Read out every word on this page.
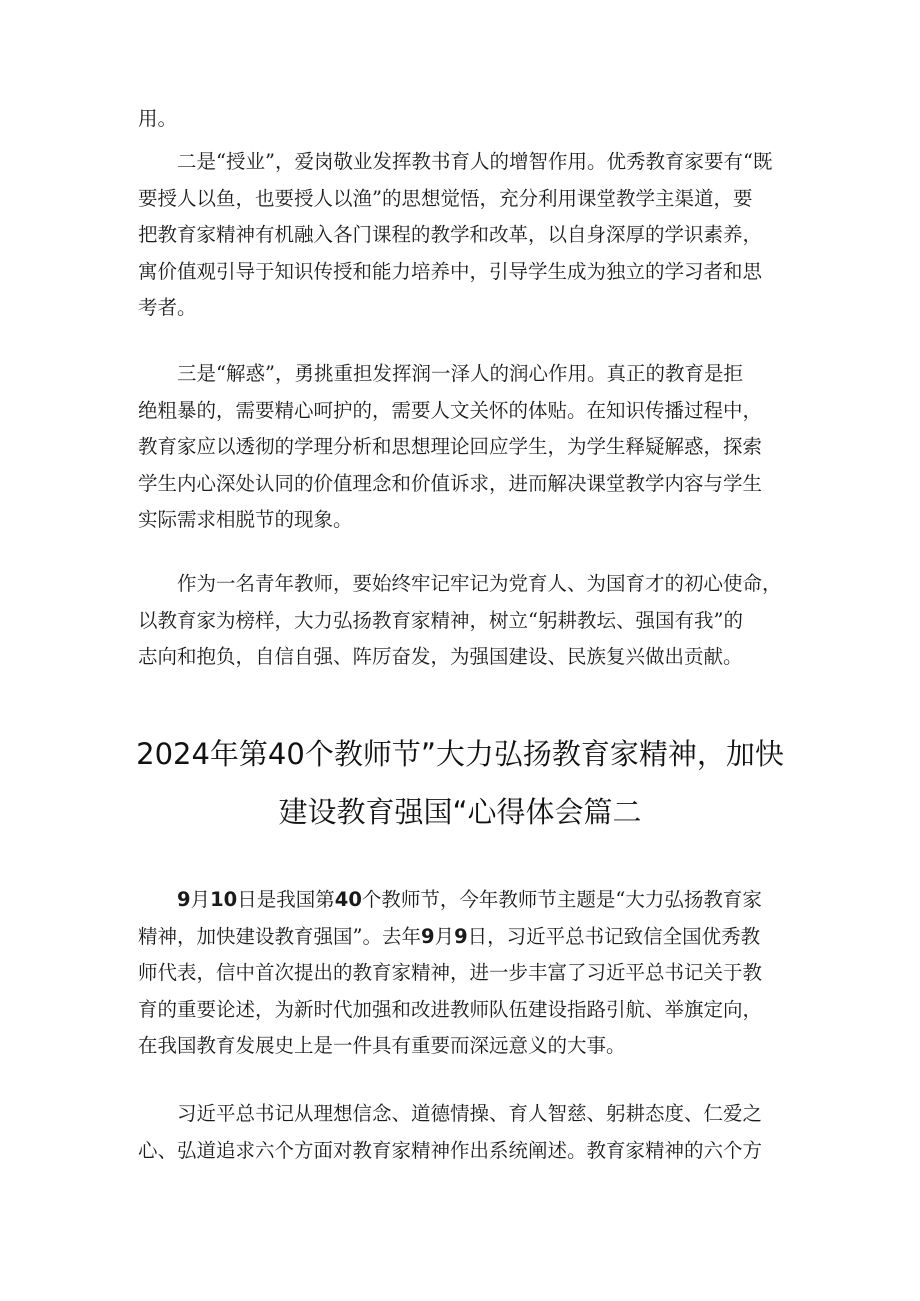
用。

　　二是“授业”，爱岗敬业发挥教书育人的增智作用。优秀教育家要有“既
要授人以鱼，也要授人以渔”的思想觉悟，充分利用课堂教学主渠道，要
把教育家精神有机融入各门课程的教学和改革，以自身深厚的学识素养，
寓价值观引导于知识传授和能力培养中，引导学生成为独立的学习者和思
考者。

　　三是“解惑”，勇挑重担发挥润一泽人的润心作用。真正的教育是拒
绝粗暴的，需要精心呵护的，需要人文关怀的体贴。在知识传播过程中，
教育家应以透彻的学理分析和思想理论回应学生，为学生释疑解惑，探索
学生内心深处认同的价值理念和价值诉求，进而解决课堂教学内容与学生
实际需求相脱节的现象。

　　作为一名青年教师，要始终牢记牢记为党育人、为国育才的初心使命，
以教育家为榜样，大力弘扬教育家精神，树立“躬耕教坛、强国有我”的
志向和抱负，自信自强、阵厉奋发，为强国建设、民族复兴做出贡献。

2024年第40个教师节”大力弘扬教育家精神，加快
建设教育强国“心得体会篇二

　　9月10日是我国第40个教师节，今年教师节主题是“大力弘扬教育家
精神，加快建设教育强国”。去年9月9日，习近平总书记致信全国优秀教
师代表，信中首次提出的教育家精神，进一步丰富了习近平总书记关于教
育的重要论述，为新时代加强和改进教师队伍建设指路引航、举旗定向，
在我国教育发展史上是一件具有重要而深远意义的大事。

　　习近平总书记从理想信念、道德情操、育人智慈、躬耕态度、仁爱之
心、弘道追求六个方面对教育家精神作出系统阐述。教育家精神的六个方
